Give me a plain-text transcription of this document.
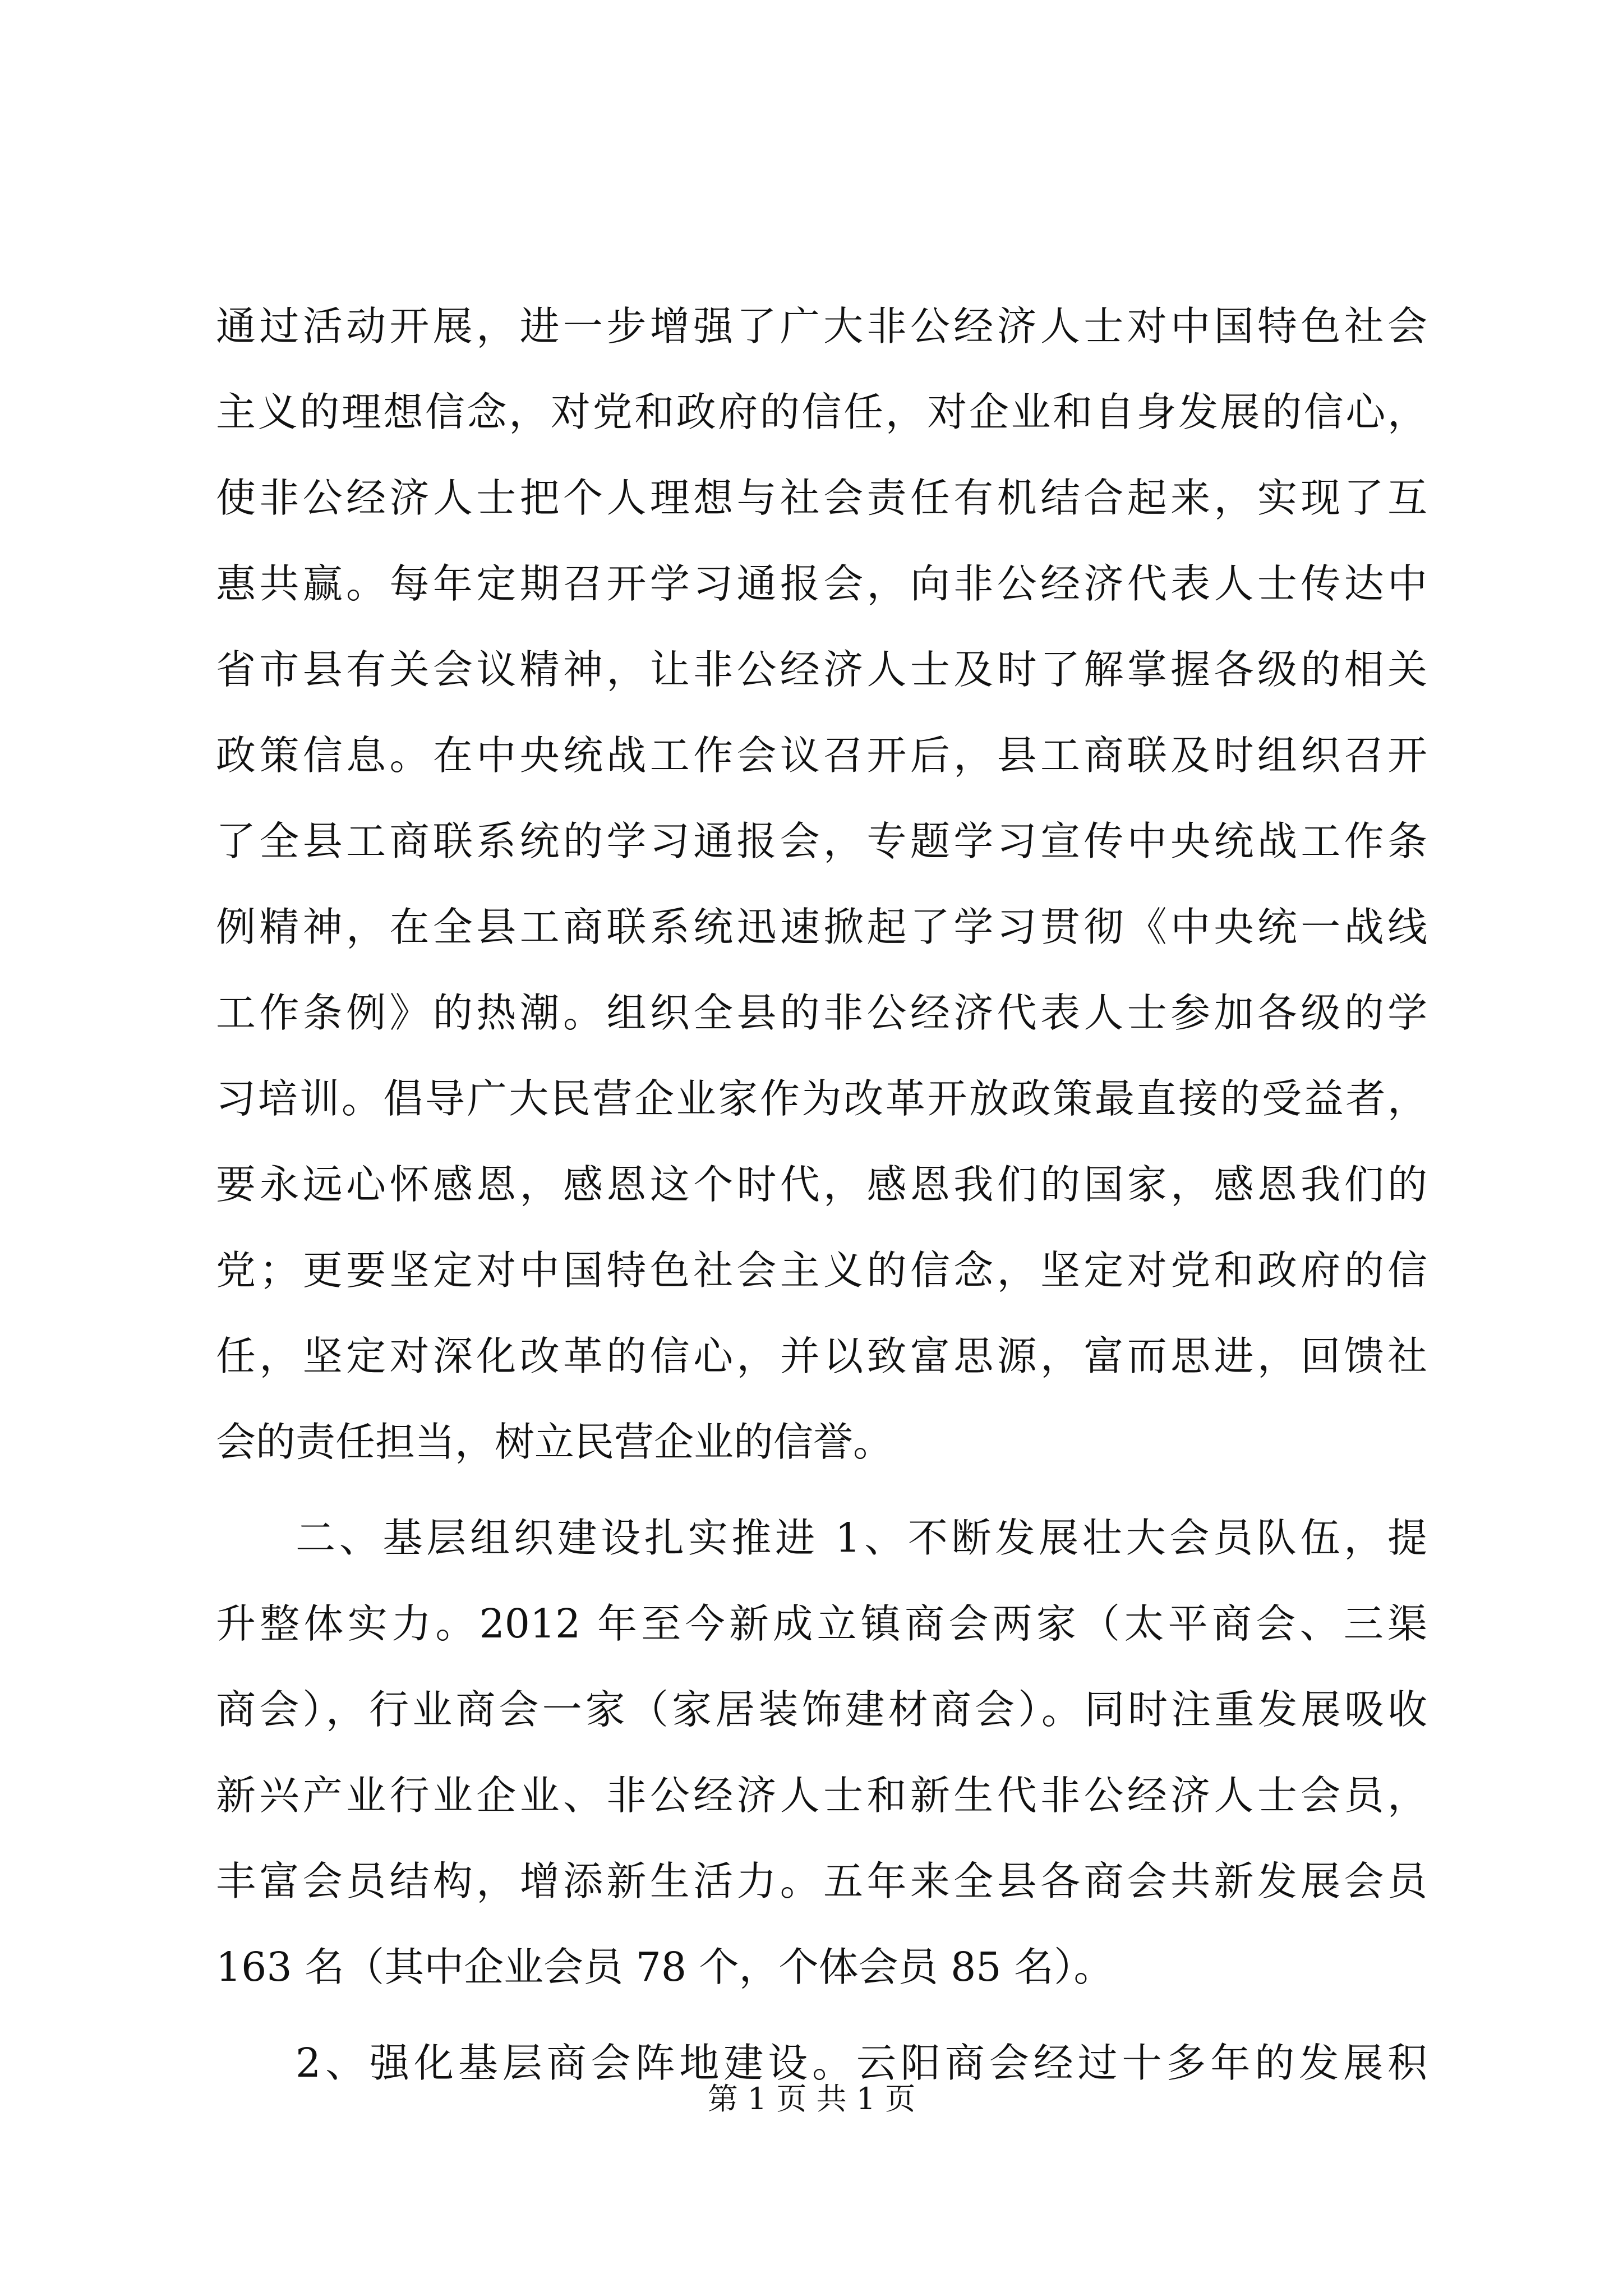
通过活动开展，进一步增强了广大非公经济人士对中国特色社会
主义的理想信念，对党和政府的信任，对企业和自身发展的信心，
使非公经济人士把个人理想与社会责任有机结合起来，实现了互
惠共赢。每年定期召开学习通报会，向非公经济代表人士传达中
省市县有关会议精神，让非公经济人士及时了解掌握各级的相关
政策信息。在中央统战工作会议召开后，县工商联及时组织召开
了全县工商联系统的学习通报会，专题学习宣传中央统战工作条
例精神，在全县工商联系统迅速掀起了学习贯彻《中央统一战线
工作条例》的热潮。组织全县的非公经济代表人士参加各级的学
习培训。倡导广大民营企业家作为改革开放政策最直接的受益者，
要永远心怀感恩，感恩这个时代，感恩我们的国家，感恩我们的
党；更要坚定对中国特色社会主义的信念，坚定对党和政府的信
任，坚定对深化改革的信心，并以致富思源，富而思进，回馈社
会的责任担当，树立民营企业的信誉。
二、基层组织建设扎实推进 1、不断发展壮大会员队伍，提
升整体实力。2012 年至今新成立镇商会两家（太平商会、三渠
商会），行业商会一家（家居装饰建材商会）。同时注重发展吸收
新兴产业行业企业、非公经济人士和新生代非公经济人士会员，
丰富会员结构，增添新生活力。五年来全县各商会共新发展会员
163 名（其中企业会员 78 个，个体会员 85 名）。
2、强化基层商会阵地建设。云阳商会经过十多年的发展积
第 1 页 共 1 页
